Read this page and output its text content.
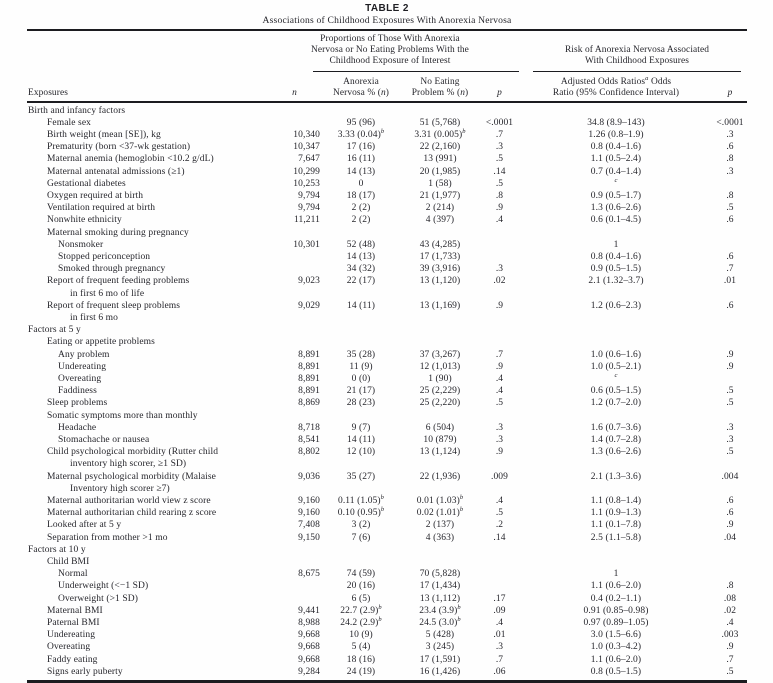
TABLE 2
Associations of Childhood Exposures With Anorexia Nervosa
Proportions of Those With Anorexia
Nervosa or No Eating Problems With the
Childhood Exposure of Interest
Risk of Anorexia Nervosa Associated
With Childhood Exposures
Exposures	n
Anorexia
Nervosa % (n)
No Eating
Problem % (n)	p
Adjusted Odds Ratios$^a$ Odds
Ratio (95% Confidence Interval)	p
Birth and infancy factors						

Female sex		95 (96)	51 (5,768)	<.0001	34.8 (8.9–143)	<.0001

Birth weight (mean [SE]), kg	10,340	3.33 $(0.04)^b$	3.31 $(0.005)^b$	.7	1.26 (0.8–1.9)	.3

Prematurity (born <37-wk gestation)	10,347	17 (16)	22 (2,160)	.3	0.8 (0.4–1.6)	.6

Maternal anemia (hemoglobin <10.2 g/dL)	7,647	16 (11)	13 (991)	.5	1.1 (0.5–2.4)	.8

Maternal antenatal admissions (≥1)	10,299	14 (13)	20 (1,985)	.14	0.7 (0.4–1.4)	.3

Gestational diabetes	10,253	0	1 (58)	.5	$^c$	

Oxygen required at birth	9,794	18 (17)	21 (1,977)	.8	0.9 (0.5–1.7)	.8

Ventilation required at birth	9,794	2 (2)	2 (214)	.9	1.3 (0.6–2.6)	.5

Nonwhite ethnicity	11,211	2 (2)	4 (397)	.4	0.6 (0.1–4.5)	.6

Maternal smoking during pregnancy						

Nonsmoker	10,301	52 (48)	43 (4,285)		1	

Stopped periconception		14 (13)	17 (1,733)		0.8 (0.4–1.6)	.6

Smoked through pregnancy		34 (32)	39 (3,916)	.3	0.9 (0.5–1.5)	.7

Report of frequent feeding problems
in first 6 mo of life	9,023	22 (17)	13 (1,120)	.02	2.1 (1.32–3.7)	.01

Report of frequent sleep problems
in first 6 mo	9,029	14 (11)	13 (1,169)	.9	1.2 (0.6–2.3)	.6

Factors at 5 y						

Eating or appetite problems						

Any problem	8,891	35 (28)	37 (3,267)	.7	1.0 (0.6–1.6)	.9

Undereating	8,891	11 (9)	12 (1,013)	.9	1.0 (0.5–2.1)	.9

Overeating	8,891	0 (0)	1 (90)	.4	$^c$	

Faddiness	8,891	21 (17)	25 (2,229)	.4	0.6 (0.5–1.5)	.5

Sleep problems	8,869	28 (23)	25 (2,220)	.5	1.2 (0.7–2.0)	.5

Somatic symptoms more than monthly						

Headache	8,718	9 (7)	6 (504)	.3	1.6 (0.7–3.6)	.3

Stomachache or nausea	8,541	14 (11)	10 (879)	.3	1.4 (0.7–2.8)	.3

Child psychological morbidity (Rutter child
inventory high scorer, ≥1 SD)	8,802	12 (10)	13 (1,124)	.9	1.3 (0.6–2.6)	.5

Maternal psychological morbidity (Malaise
Inventory high scorer ≥7)	9,036	35 (27)	22 (1,936)	.009	2.1 (1.3–3.6)	.004

Maternal authoritarian world view z score	9,160	0.11 $(1.05)^b$	0.01 $(1.03)^b$	.4	1.1 (0.8–1.4)	.6

Maternal authoritarian child rearing z score	9,160	0.10 $(0.95)^b$	0.02 $(1.01)^b$	.5	1.1 (0.9–1.3)	.6

Looked after at 5 y	7,408	3 (2)	2 (137)	.2	1.1 (0.1–7.8)	.9

Separation from mother >1 mo	9,150	7 (6)	4 (363)	.14	2.5 (1.1–5.8)	.04

Factors at 10 y						

Child BMI						

Normal	8,675	74 (59)	70 (5,828)		1	

Underweight (<−1 SD)		20 (16)	17 (1,434)		1.1 (0.6–2.0)	.8

Overweight (>1 SD)		6 (5)	13 (1,112)	.17	0.4 (0.2–1.1)	.08

Maternal BMI	9,441	22.7 $(2.9)^b$	23.4 $(3.9)^b$	.09	0.91 (0.85–0.98)	.02

Paternal BMI	8,988	24.2 $(2.9)^b$	24.5 $(3.0)^b$	.4	0.97 (0.89–1.05)	.4

Undereating	9,668	10 (9)	5 (428)	.01	3.0 (1.5–6.6)	.003

Overeating	9,668	5 (4)	3 (245)	.3	1.0 (0.3–4.2)	.9

Faddy eating	9,668	18 (16)	17 (1,591)	.7	1.1 (0.6–2.0)	.7

Signs early puberty	9,284	24 (19)	16 (1,426)	.06	0.8 (0.5–1.5)	.5
